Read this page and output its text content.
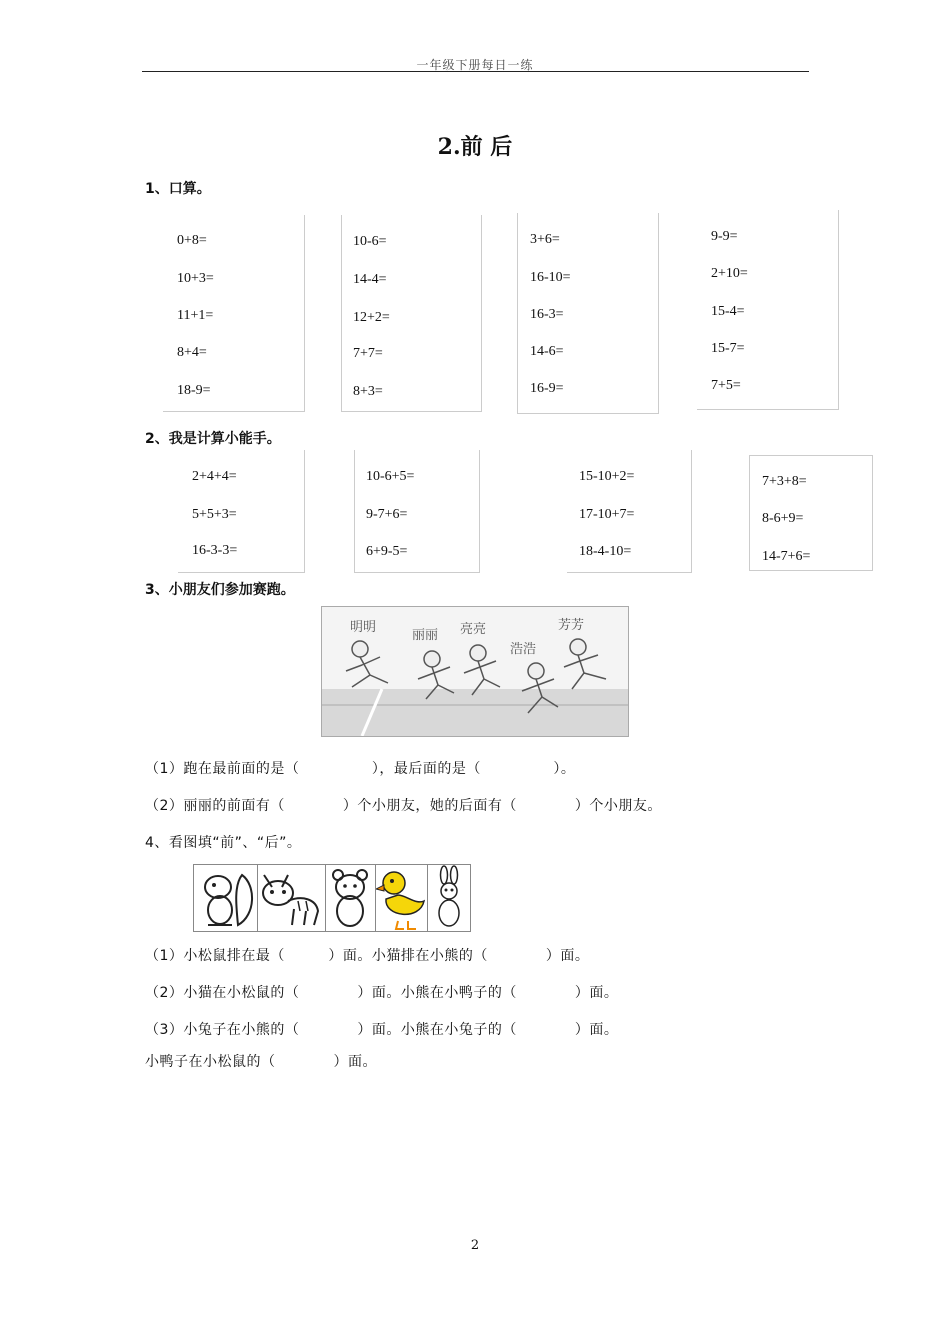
一年级下册每日一练
2.前 后
1、口算。
0+8=
10+3=
11+1=
8+4=
18-9=
10-6=
14-4=
12+2=
7+7=
8+3=
3+6=
16-10=
16-3=
14-6=
16-9=
9-9=
2+10=
15-4=
15-7=
7+5=
2、我是计算小能手。
2+4+4=
5+5+3=
16-3-3=
10-6+5=
9-7+6=
6+9-5=
15-10+2=
17-10+7=
18-4-10=
7+3+8=
8-6+9=
14-7+6=
3、小朋友们参加赛跑。
明明
丽丽 亮亮
浩浩
芳芳
（1）跑在最前面的是（　　　　　），最后面的是（　　　　　）。
（2）丽丽的前面有（　　　　）个小朋友，她的后面有（　　　　）个小朋友。
4、看图填“前”、“后”。
（1）小松鼠排在最（　　　）面。小猫排在小熊的（　　　　）面。
（2）小猫在小松鼠的（　　　　）面。小熊在小鸭子的（　　　　）面。
（3）小兔子在小熊的（　　　　）面。小熊在小兔子的（　　　　）面。
小鸭子在小松鼠的（　　　　）面。
2
